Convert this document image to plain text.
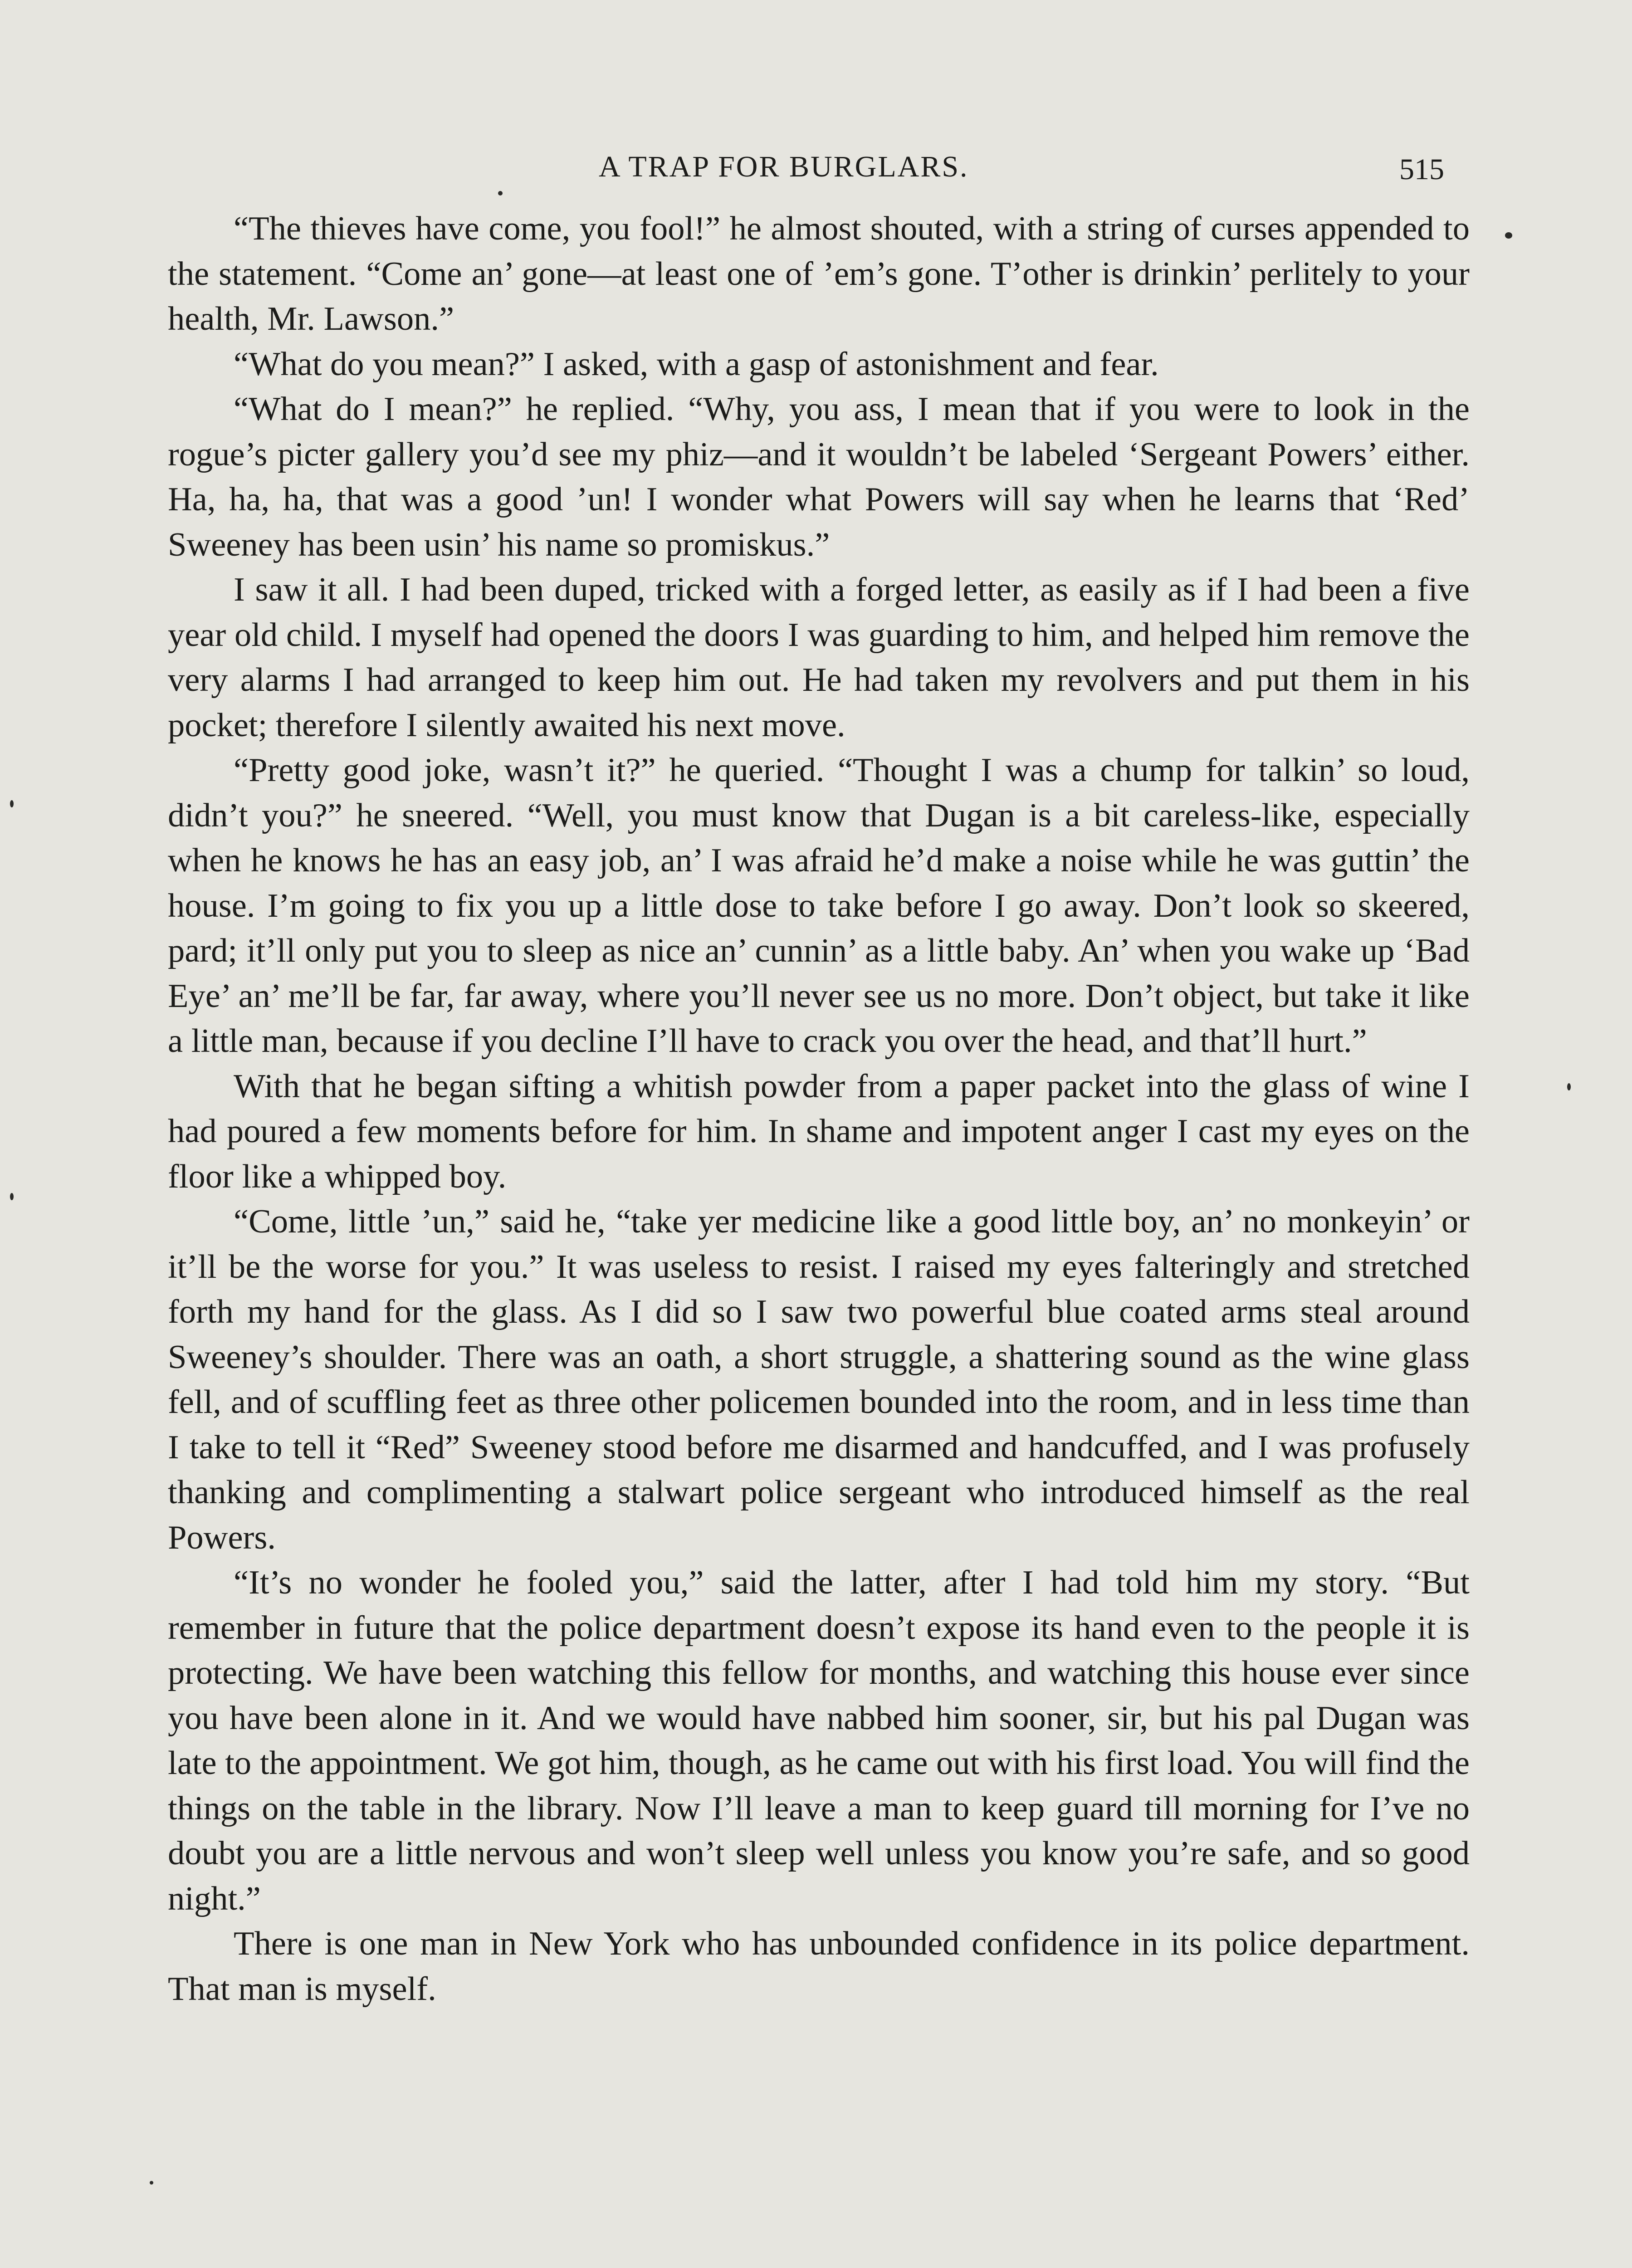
A TRAP FOR BURGLARS.	515

“The thieves have come, you fool!” he almost shouted, with a string of curses appended to the statement. “Come an’ gone—at least one of ’em’s gone. T’other is drinkin’ perlitely to your health, Mr. Lawson.”

“What do you mean?” I asked, with a gasp of astonishment and fear.

“What do I mean?” he replied. “Why, you ass, I mean that if you were to look in the rogue’s picter gallery you’d see my phiz—and it wouldn’t be labeled ‘Sergeant Powers’ either. Ha, ha, ha, that was a good ’un! I wonder what Powers will say when he learns that ‘Red’ Sweeney has been usin’ his name so promiskus.”

I saw it all. I had been duped, tricked with a forged letter, as easily as if I had been a five year old child. I myself had opened the doors I was guarding to him, and helped him remove the very alarms I had arranged to keep him out. He had taken my revolvers and put them in his pocket; therefore I silently awaited his next move.

“Pretty good joke, wasn’t it?” he queried. “Thought I was a chump for talkin’ so loud, didn’t you?” he sneered. “Well, you must know that Dugan is a bit careless-like, especially when he knows he has an easy job, an’ I was afraid he’d make a noise while he was guttin’ the house. I’m going to fix you up a little dose to take before I go away. Don’t look so skeered, pard; it’ll only put you to sleep as nice an’ cunnin’ as a little baby. An’ when you wake up ‘Bad Eye’ an’ me’ll be far, far away, where you’ll never see us no more. Don’t object, but take it like a little man, because if you decline I’ll have to crack you over the head, and that’ll hurt.”

With that he began sifting a whitish powder from a paper packet into the glass of wine I had poured a few moments before for him. In shame and impotent anger I cast my eyes on the floor like a whipped boy.

“Come, little ’un,” said he, “take yer medicine like a good little boy, an’ no monkeyin’ or it’ll be the worse for you.” It was useless to resist. I raised my eyes falteringly and stretched forth my hand for the glass. As I did so I saw two powerful blue coated arms steal around Sweeney’s shoulder. There was an oath, a short struggle, a shattering sound as the wine glass fell, and of scuffling feet as three other policemen bounded into the room, and in less time than I take to tell it “Red” Sweeney stood before me disarmed and handcuffed, and I was profusely thanking and complimenting a stalwart police sergeant who introduced himself as the real Powers.

“It’s no wonder he fooled you,” said the latter, after I had told him my story. “But remember in future that the police department doesn’t expose its hand even to the people it is protecting. We have been watching this fellow for months, and watching this house ever since you have been alone in it. And we would have nabbed him sooner, sir, but his pal Dugan was late to the appointment. We got him, though, as he came out with his first load. You will find the things on the table in the library. Now I’ll leave a man to keep guard till morning for I’ve no doubt you are a little nervous and won’t sleep well unless you know you’re safe, and so good night.”

There is one man in New York who has unbounded confidence in its police department. That man is myself.
